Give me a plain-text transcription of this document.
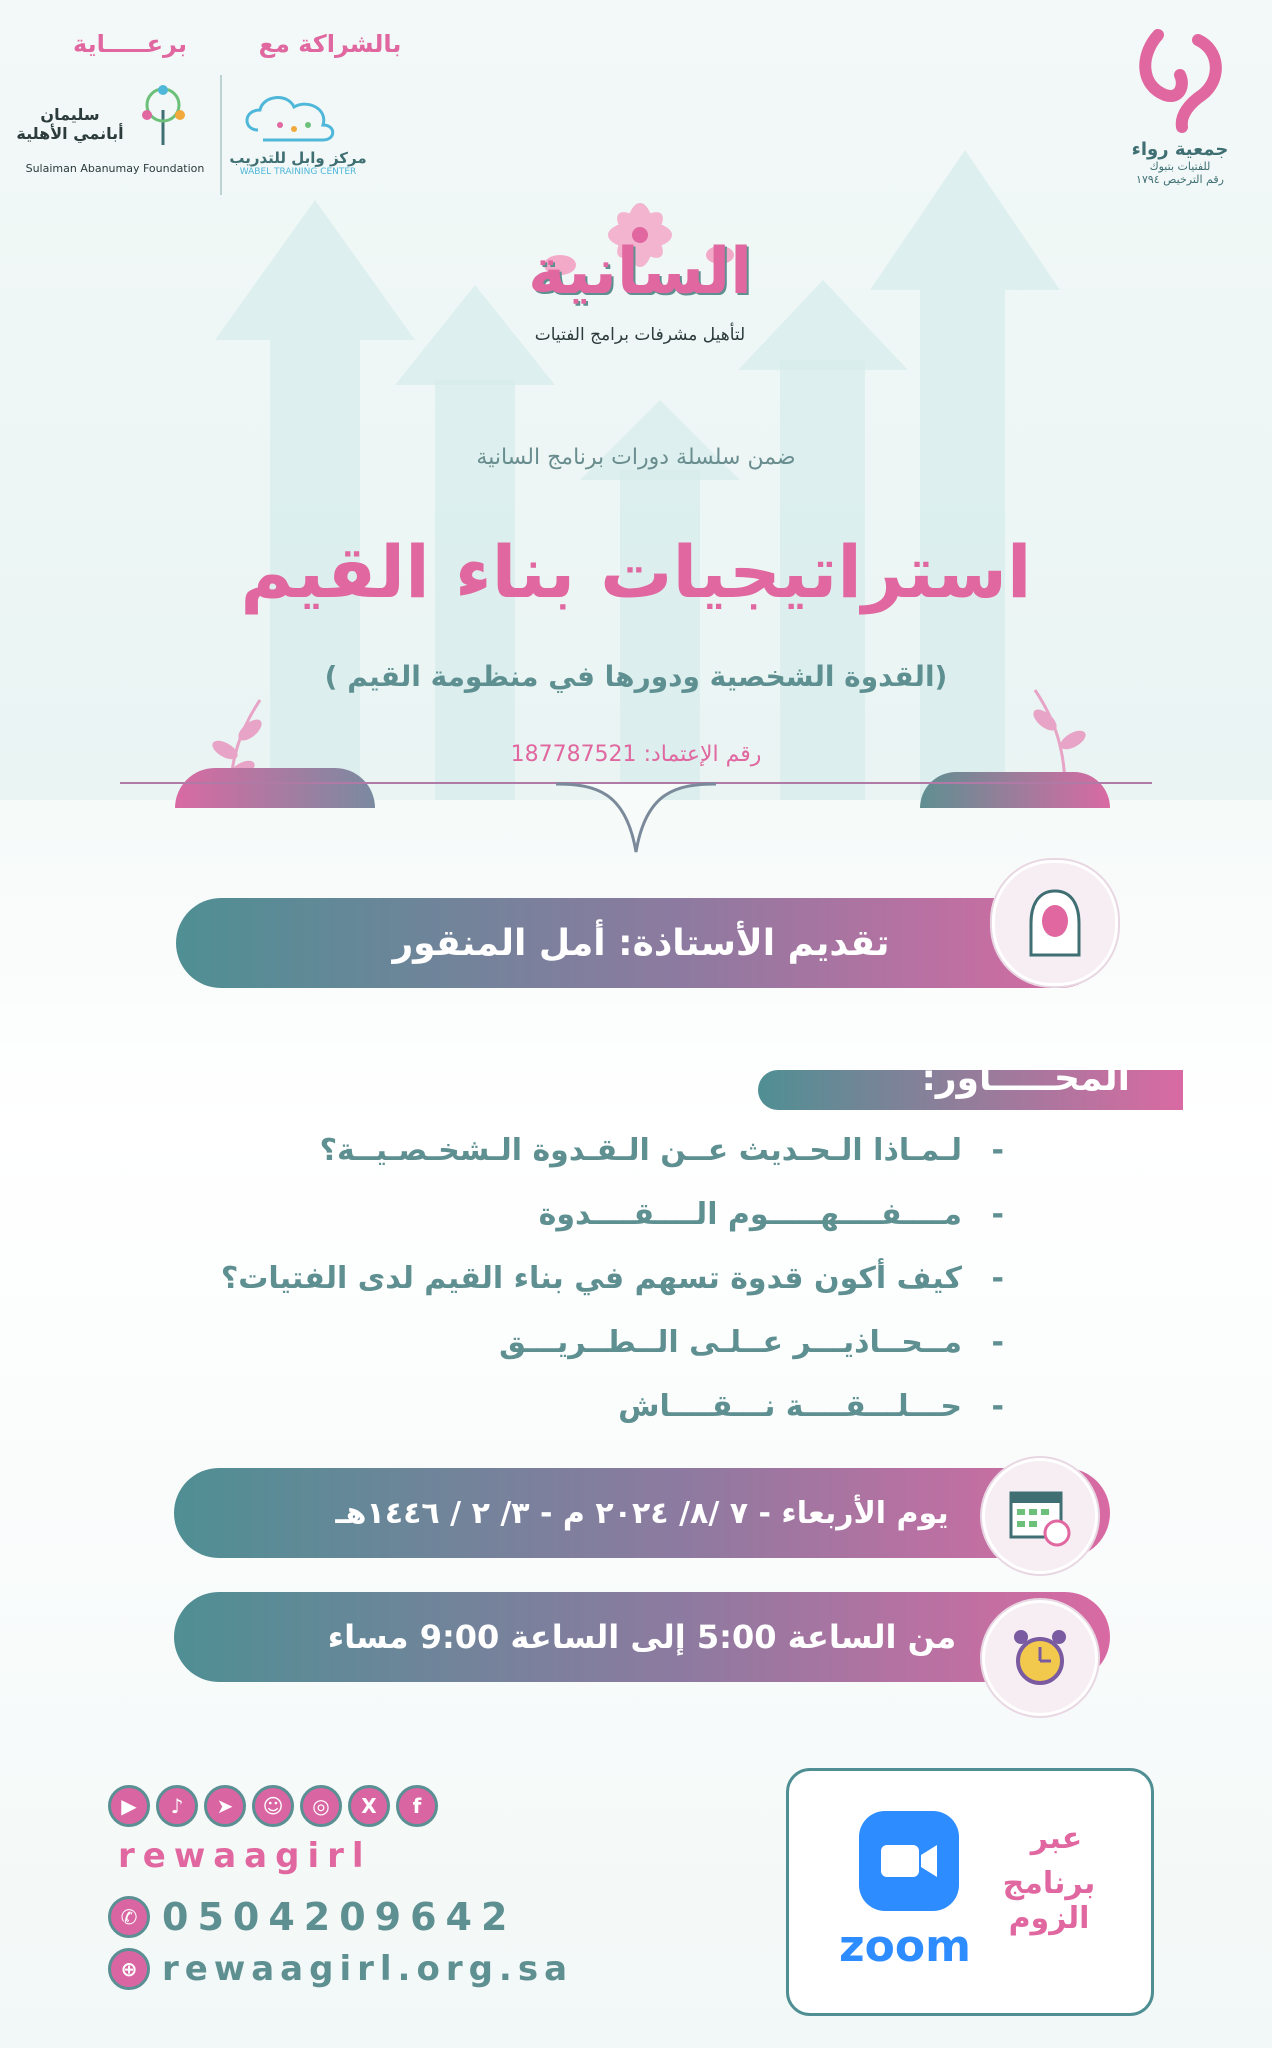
جمعية رواء
للفتيات بتبوك
رقم الترخيص ١٧٩٤
بالشراكة مع
برعـــــاية
مركز وابل للتدريب
WABEL TRAINING CENTER
سليمان أبانمي الأهلية
Sulaiman Abanumay Foundation
السانية
لتأهيل مشرفات برامج الفتيات
ضمن سلسلة دورات برنامج السانية
استراتيجيات بناء القيم
(القدوة الشخصية ودورها في منظومة القيم )
رقم الإعتماد: 187787521
تقديم الأستاذة: أمل المنقور
المحـــــاور:
-
لـمـاذا الـحـديث عــن الـقـدوة الـشخـصـيــة؟
-
مــــفــــهـــــوم الــــقــــدوة
-
كيف أكون قدوة تسهم في بناء القيم لدى الفتيات؟
-
مــحــاذيـــر عــلـى الــطــريـــق
-
حـــلـــقــــة نـــقــــاش
يوم الأربعاء - ٧ /٨/ ٢٠٢٤ م - ٣/ ٢ / ١٤٤٦هـ
من الساعة 5:00 إلى الساعة 9:00 مساء
▶	♪	➤	☺	◎	X	f
rewaagirl
✆ 0504209642
⊕ rewaagirl.org.sa	zoom
عبر
برنامج الزوم
